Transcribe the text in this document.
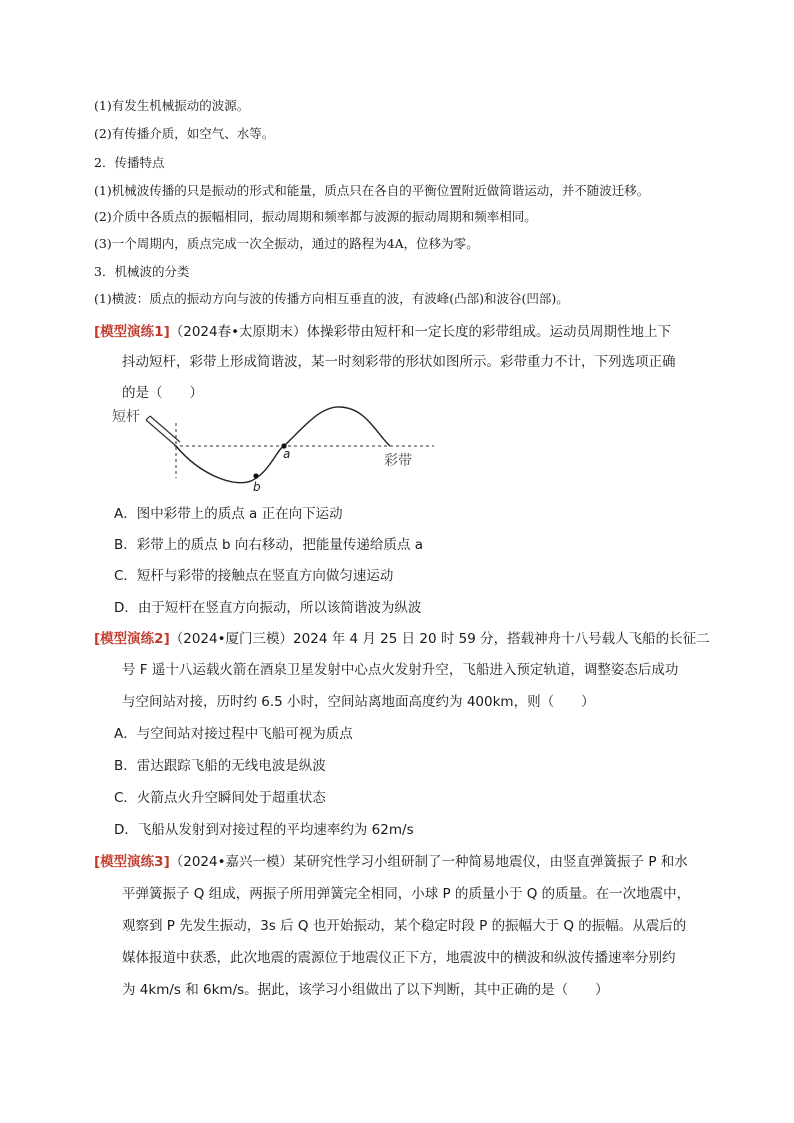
(1)有发生机械振动的波源。
(2)有传播介质，如空气、水等。
2．传播特点
(1)机械波传播的只是振动的形式和能量，质点只在各自的平衡位置附近做简谐运动，并不随波迁移。
(2)介质中各质点的振幅相同，振动周期和频率都与波源的振动周期和频率相同。
(3)一个周期内，质点完成一次全振动，通过的路程为4A，位移为零。
3．机械波的分类
(1)横波：质点的振动方向与波的传播方向相互垂直的波，有波峰(凸部)和波谷(凹部)。
[模型演练1]（2024春•太原期末）体操彩带由短杆和一定长度的彩带组成。运动员周期性地上下
抖动短杆，彩带上形成简谐波，某一时刻彩带的形状如图所示。彩带重力不计，下列选项正确
的是（　　）
短杆
彩带
a
b
A．图中彩带上的质点 a 正在向下运动
B．彩带上的质点 b 向右移动，把能量传递给质点 a
C．短杆与彩带的接触点在竖直方向做匀速运动
D．由于短杆在竖直方向振动，所以该简谐波为纵波
[模型演练2]（2024•厦门三模）2024 年 4 月 25 日 20 时 59 分，搭载神舟十八号载人飞船的长征二
号 F 遥十八运载火箭在酒泉卫星发射中心点火发射升空，飞船进入预定轨道，调整姿态后成功
与空间站对接，历时约 6.5 小时，空间站离地面高度约为 400km，则（　　）
A．与空间站对接过程中飞船可视为质点
B．雷达跟踪飞船的无线电波是纵波
C．火箭点火升空瞬间处于超重状态
D．飞船从发射到对接过程的平均速率约为 62m/s
[模型演练3]（2024•嘉兴一模）某研究性学习小组研制了一种简易地震仪，由竖直弹簧振子 P 和水
平弹簧振子 Q 组成，两振子所用弹簧完全相同，小球 P 的质量小于 Q 的质量。在一次地震中，
观察到 P 先发生振动，3s 后 Q 也开始振动，某个稳定时段 P 的振幅大于 Q 的振幅。从震后的
媒体报道中获悉，此次地震的震源位于地震仪正下方，地震波中的横波和纵波传播速率分别约
为 4km/s 和 6km/s。据此，该学习小组做出了以下判断，其中正确的是（　　）
